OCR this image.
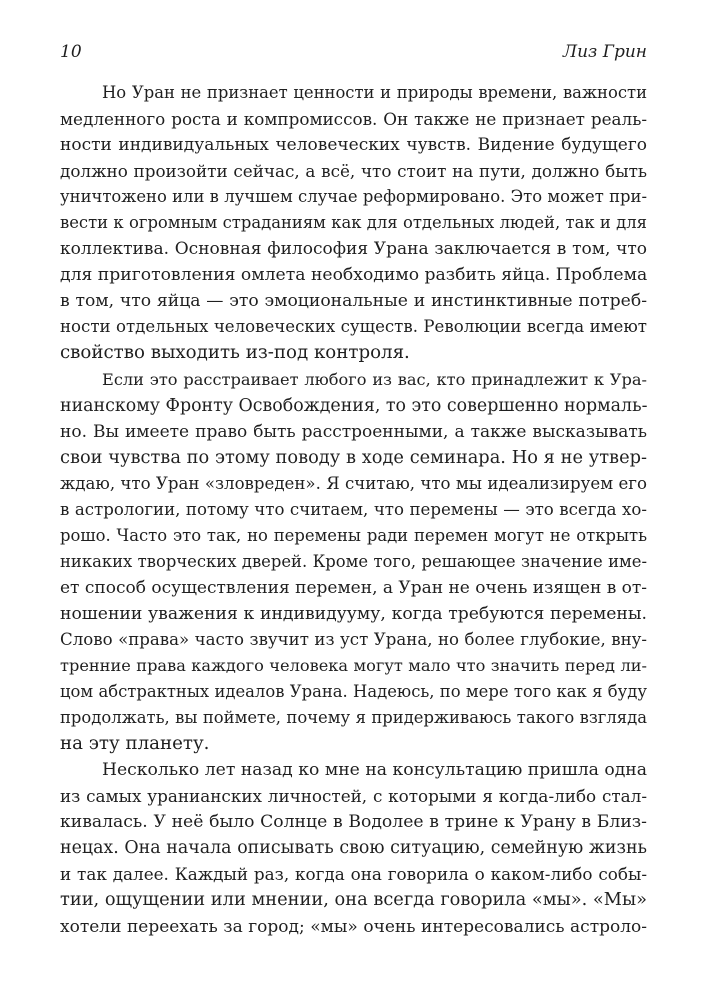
10	Лиз Грин
Но Уран не признает ценности и природы времени, важности
медленного роста и компромиссов. Он также не признает реаль-
ности индивидуальных человеческих чувств. Видение будущего
должно произойти сейчас, а всё, что стоит на пути, должно быть
уничтожено или в лучшем случае реформировано. Это может при-
вести к огромным страданиям как для отдельных людей, так и для
коллектива. Основная философия Урана заключается в том, что
для приготовления омлета необходимо разбить яйца. Проблема
в том, что яйца — это эмоциональные и инстинктивные потреб-
ности отдельных человеческих существ. Революции всегда имеют
свойство выходить из-под контроля.
Если это расстраивает любого из вас, кто принадлежит к Ура-
нианскому Фронту Освобождения, то это совершенно нормаль-
но. Вы имеете право быть расстроенными, а также высказывать
свои чувства по этому поводу в ходе семинара. Но я не утвер-
ждаю, что Уран «зловреден». Я считаю, что мы идеализируем его
в астрологии, потому что считаем, что перемены — это всегда хо-
рошо. Часто это так, но перемены ради перемен могут не открыть
никаких творческих дверей. Кроме того, решающее значение име-
ет способ осуществления перемен, а Уран не очень изящен в от-
ношении уважения к индивидууму, когда требуются перемены.
Слово «права» часто звучит из уст Урана, но более глубокие, вну-
тренние права каждого человека могут мало что значить перед ли-
цом абстрактных идеалов Урана. Надеюсь, по мере того как я буду
продолжать, вы поймете, почему я придерживаюсь такого взгляда
на эту планету.
Несколько лет назад ко мне на консультацию пришла одна
из самых уранианских личностей, с которыми я когда-либо стал-
кивалась. У неё было Солнце в Водолее в трине к Урану в Близ-
нецах. Она начала описывать свою ситуацию, семейную жизнь
и так далее. Каждый раз, когда она говорила о каком-либо собы-
тии, ощущении или мнении, она всегда говорила «мы». «Мы»
хотели переехать за город; «мы» очень интересовались астроло-
